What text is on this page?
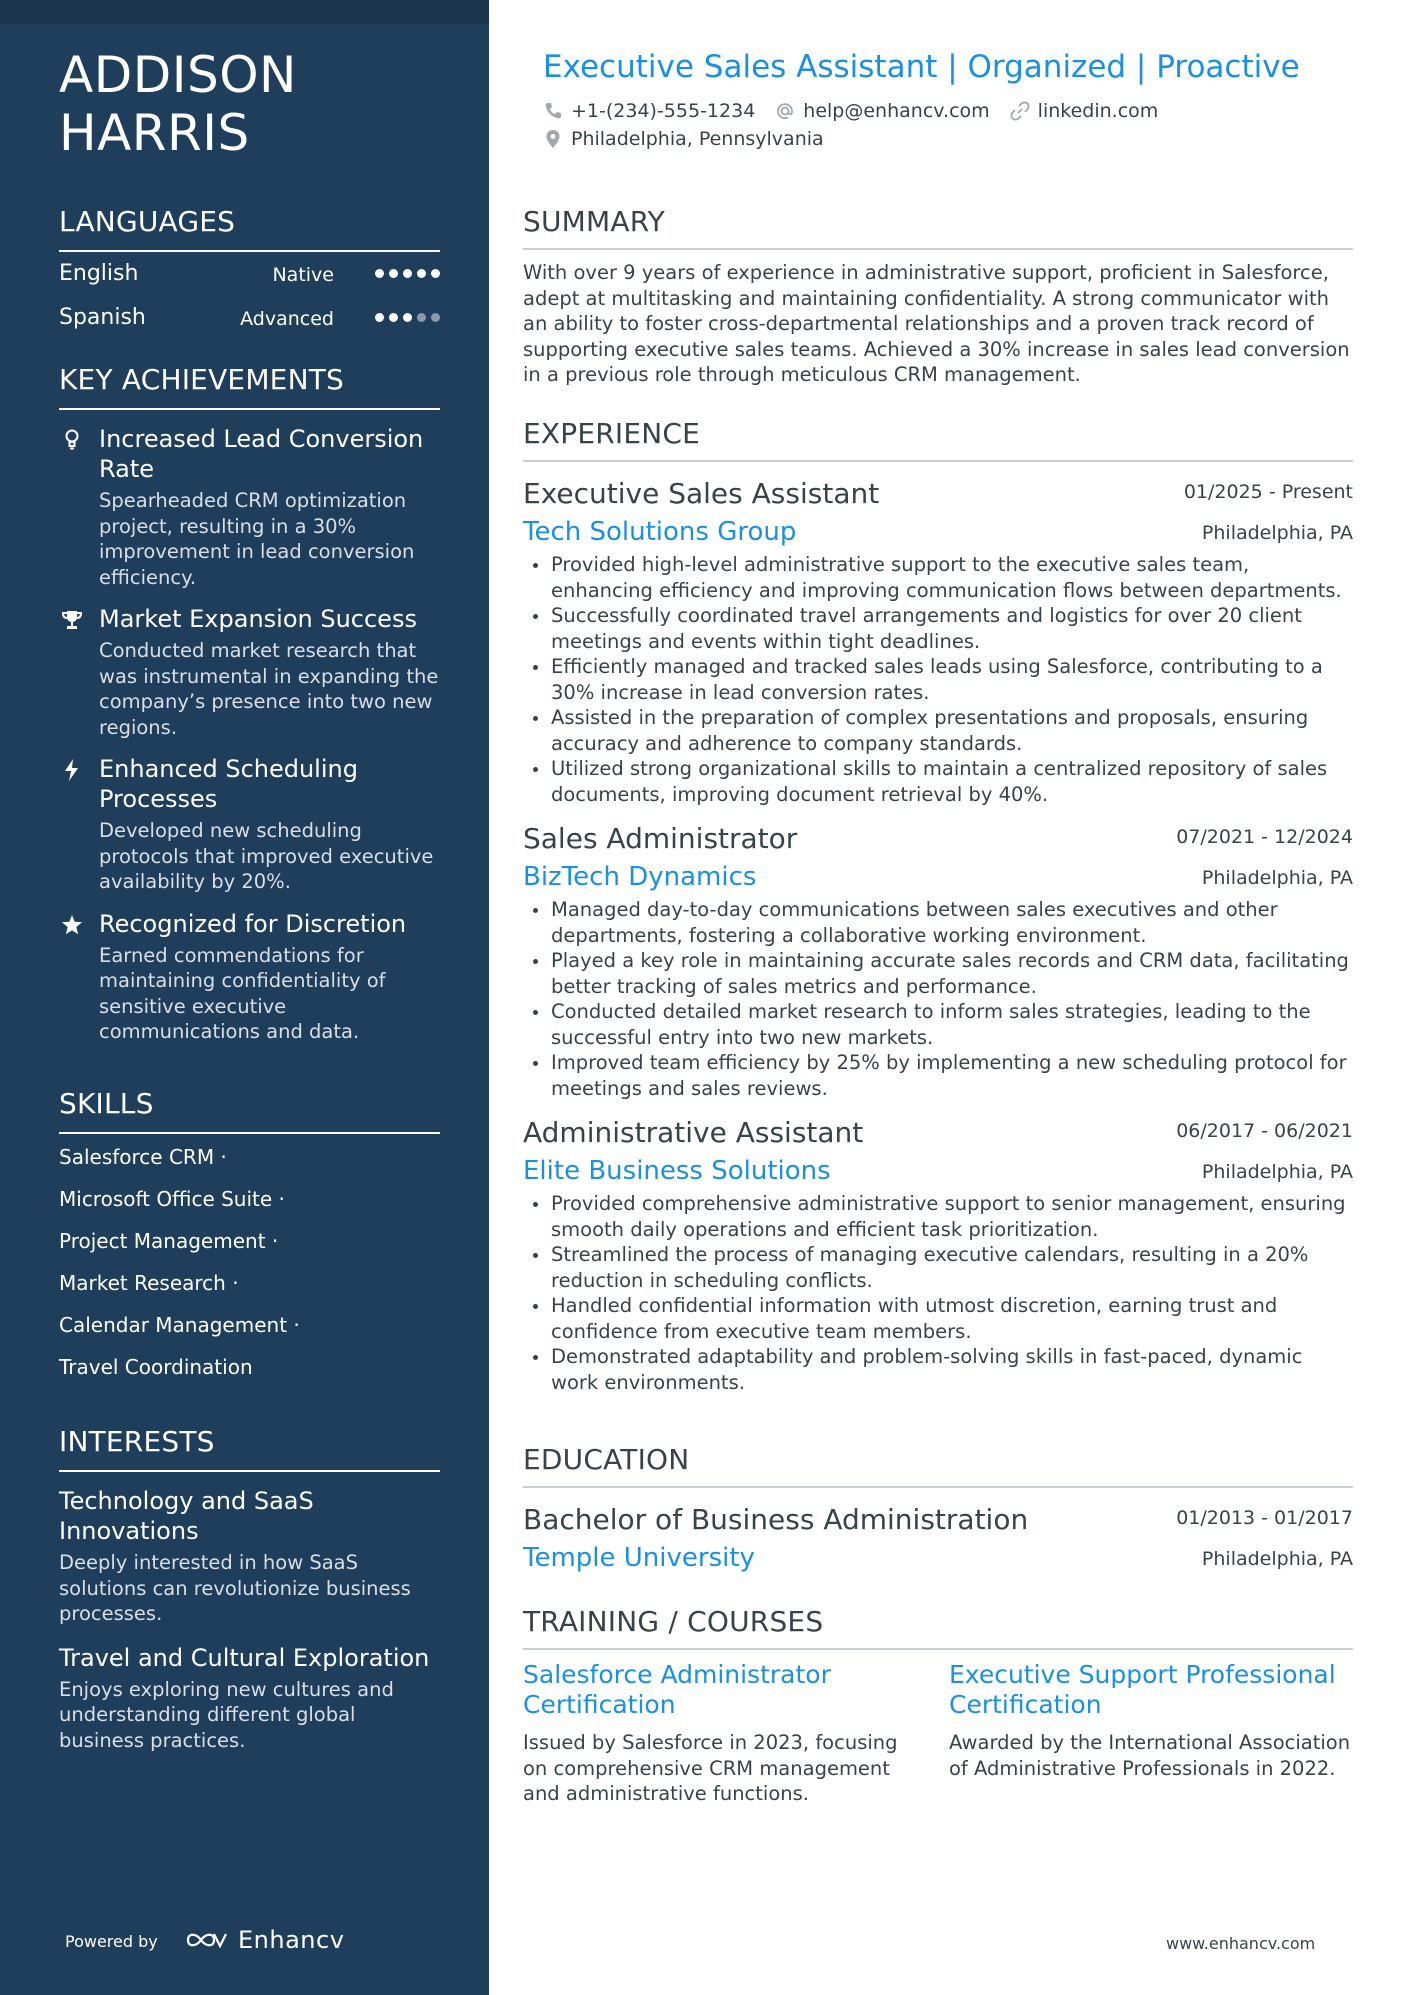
ADDISON
HARRIS
LANGUAGES
English	Native
Spanish	Advanced
KEY ACHIEVEMENTS
Increased Lead Conversion Rate
Spearheaded CRM optimization project, resulting in a 30% improvement in lead conversion efficiency.
Market Expansion Success
Conducted market research that was instrumental in expanding the company’s presence into two new regions.
Enhanced Scheduling Processes
Developed new scheduling protocols that improved executive availability by 20%.
Recognized for Discretion
Earned commendations for maintaining confidentiality of sensitive executive communications and data.
SKILLS
Salesforce CRM ·
Microsoft Office Suite ·
Project Management ·
Market Research ·
Calendar Management ·
Travel Coordination
INTERESTS
Technology and SaaS Innovations
Deeply interested in how SaaS solutions can revolutionize business processes.
Travel and Cultural Exploration
Enjoys exploring new cultures and understanding different global business practices.
Powered by	Enhancv
Executive Sales Assistant | Organized | Proactive
+1-(234)-555-1234	help@enhancv.com	linkedin.com
Philadelphia, Pennsylvania
SUMMARY
With over 9 years of experience in administrative support, proficient in Salesforce, adept at multitasking and maintaining confidentiality. A strong communicator with an ability to foster cross-departmental relationships and a proven track record of supporting executive sales teams. Achieved a 30% increase in sales lead conversion in a previous role through meticulous CRM management.
EXPERIENCE
Executive Sales Assistant	01/2025 - Present
Tech Solutions Group	Philadelphia, PA
Provided high-level administrative support to the executive sales team, enhancing efficiency and improving communication flows between departments.
Successfully coordinated travel arrangements and logistics for over 20 client meetings and events within tight deadlines.
Efficiently managed and tracked sales leads using Salesforce, contributing to a 30% increase in lead conversion rates.
Assisted in the preparation of complex presentations and proposals, ensuring accuracy and adherence to company standards.
Utilized strong organizational skills to maintain a centralized repository of sales documents, improving document retrieval by 40%.
Sales Administrator	07/2021 - 12/2024
BizTech Dynamics	Philadelphia, PA
Managed day-to-day communications between sales executives and other departments, fostering a collaborative working environment.
Played a key role in maintaining accurate sales records and CRM data, facilitating better tracking of sales metrics and performance.
Conducted detailed market research to inform sales strategies, leading to the successful entry into two new markets.
Improved team efficiency by 25% by implementing a new scheduling protocol for meetings and sales reviews.
Administrative Assistant	06/2017 - 06/2021
Elite Business Solutions	Philadelphia, PA
Provided comprehensive administrative support to senior management, ensuring smooth daily operations and efficient task prioritization.
Streamlined the process of managing executive calendars, resulting in a 20% reduction in scheduling conflicts.
Handled confidential information with utmost discretion, earning trust and confidence from executive team members.
Demonstrated adaptability and problem-solving skills in fast-paced, dynamic work environments.
EDUCATION
Bachelor of Business Administration	01/2013 - 01/2017
Temple University	Philadelphia, PA
TRAINING / COURSES
Salesforce Administrator Certification
Issued by Salesforce in 2023, focusing on comprehensive CRM management and administrative functions.
Executive Support Professional Certification
Awarded by the International Association of Administrative Professionals in 2022.
www.enhancv.com
